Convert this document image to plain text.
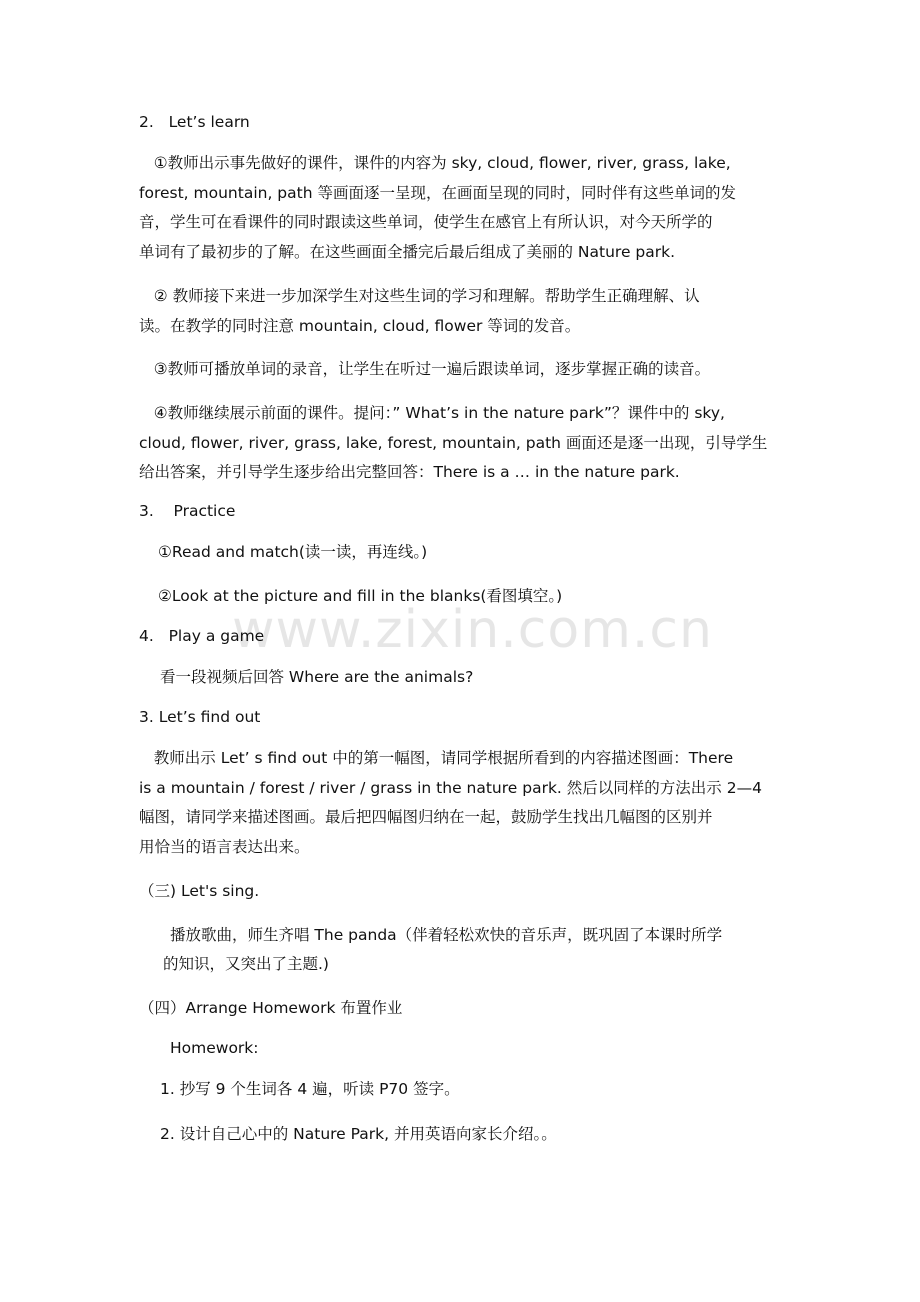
www.zixin.com.cn
2.   Let’s learn
①教师出示事先做好的课件，课件的内容为 sky, cloud, flower, river, grass, lake,
forest, mountain, path 等画面逐一呈现，在画面呈现的同时，同时伴有这些单词的发
音，学生可在看课件的同时跟读这些单词，使学生在感官上有所认识，对今天所学的
单词有了最初步的了解。在这些画面全播完后最后组成了美丽的 Nature park.
② 教师接下来进一步加深学生对这些生词的学习和理解。帮助学生正确理解、认
读。在教学的同时注意 mountain, cloud, flower 等词的发音。
③教师可播放单词的录音，让学生在听过一遍后跟读单词，逐步掌握正确的读音。
④教师继续展示前面的课件。提问：” What’s in the nature park”？课件中的 sky,
cloud, flower, river, grass, lake, forest, mountain, path 画面还是逐一出现，引导学生
给出答案，并引导学生逐步给出完整回答：There is a … in the nature park.
3.    Practice
①Read and match(读一读，再连线。)
②Look at the picture and fill in the blanks(看图填空。)
4.   Play a game
看一段视频后回答 Where are the animals?
3. Let’s find out
教师出示 Let’ s find out 中的第一幅图，请同学根据所看到的内容描述图画：There
is a mountain / forest / river / grass in the nature park. 然后以同样的方法出示 2—4
幅图，请同学来描述图画。最后把四幅图归纳在一起，鼓励学生找出几幅图的区别并
用恰当的语言表达出来。
（三) Let's sing.
播放歌曲，师生齐唱 The panda（伴着轻松欢快的音乐声，既巩固了本课时所学
的知识，又突出了主题.)
（四）Arrange Homework 布置作业
Homework:
1. 抄写 9 个生词各 4 遍，听读 P70 签字。
2. 设计自己心中的 Nature Park, 并用英语向家长介绍。。
